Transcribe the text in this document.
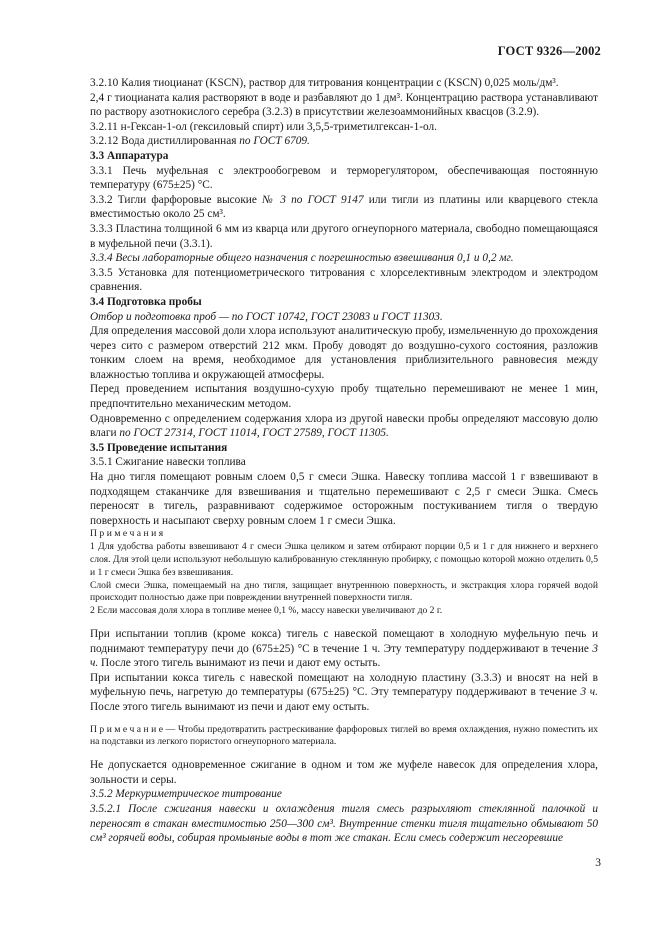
ГОСТ 9326—2002

3.2.10 Калия тиоцианат (KSCN), раствор для титрования концентрации c (KSCN) 0,025 моль/дм³.

2,4 г тиоцианата калия растворяют в воде и разбавляют до 1 дм³. Концентрацию раствора устанавливают по раствору азотнокислого серебра (3.2.3) в присутствии железоаммонийных квасцов (3.2.9).

3.2.11 н-Гексан-1-ол (гексиловый спирт) или 3,5,5-триметилгексан-1-ол.

3.2.12 Вода дистиллированная по ГОСТ 6709.

3.3 Аппаратура

3.3.1 Печь муфельная с электрообогревом и терморегулятором, обеспечивающая постоянную температуру (675±25) °С.

3.3.2 Тигли фарфоровые высокие № 3 по ГОСТ 9147 или тигли из платины или кварцевого стекла вместимостью около 25 см³.

3.3.3 Пластина толщиной 6 мм из кварца или другого огнеупорного материала, свободно помещающаяся в муфельной печи (3.3.1).

3.3.4 Весы лабораторные общего назначения с погрешностью взвешивания 0,1 и 0,2 мг.

3.3.5 Установка для потенциометрического титрования с хлорселективным электродом и электродом сравнения.

3.4 Подготовка пробы

Отбор и подготовка проб — по ГОСТ 10742, ГОСТ 23083 и ГОСТ 11303.

Для определения массовой доли хлора используют аналитическую пробу, измельченную до прохождения через сито с размером отверстий 212 мкм. Пробу доводят до воздушно-сухого состояния, разложив тонким слоем на время, необходимое для установления приблизительного равновесия между влажностью топлива и окружающей атмосферы.

Перед проведением испытания воздушно-сухую пробу тщательно перемешивают не менее 1 мин, предпочтительно механическим методом.

Одновременно с определением содержания хлора из другой навески пробы определяют массовую долю влаги по ГОСТ 27314, ГОСТ 11014, ГОСТ 27589, ГОСТ 11305.

3.5 Проведение испытания

3.5.1 Сжигание навески топлива

На дно тигля помещают ровным слоем 0,5 г смеси Эшка. Навеску топлива массой 1 г взвешивают в подходящем стаканчике для взвешивания и тщательно перемешивают с 2,5 г смеси Эшка. Смесь переносят в тигель, разравнивают содержимое осторожным постукиванием тигля о твердую поверхность и насыпают сверху ровным слоем 1 г смеси Эшка.

Примечания

1 Для удобства работы взвешивают 4 г смеси Эшка целиком и затем отбирают порции 0,5 и 1 г для нижнего и верхнего слоя. Для этой цели используют небольшую калиброванную стеклянную пробирку, с помощью которой можно отделить 0,5 и 1 г смеси Эшка без взвешивания.

Слой смеси Эшка, помещаемый на дно тигля, защищает внутреннюю поверхность, и экстракция хлора горячей водой происходит полностью даже при повреждении внутренней поверхности тигля.

2 Если массовая доля хлора в топливе менее 0,1 %, массу навески увеличивают до 2 г.

При испытании топлив (кроме кокса) тигель с навеской помещают в холодную муфельную печь и поднимают температуру печи до (675±25) °С в течение 1 ч. Эту температуру поддерживают в течение 3 ч. После этого тигель вынимают из печи и дают ему остыть.

При испытании кокса тигель с навеской помещают на холодную пластину (3.3.3) и вносят на ней в муфельную печь, нагретую до температуры (675±25) °С. Эту температуру поддерживают в течение 3 ч. После этого тигель вынимают из печи и дают ему остыть.

Примечание— Чтобы предотвратить растрескивание фарфоровых тиглей во время охлаждения, нужно поместить их на подставки из легкого пористого огнеупорного материала.

Не допускается одновременное сжигание в одном и том же муфеле навесок для определения хлора, зольности и серы.

3.5.2 Меркуриметрическое титрование

3.5.2.1 После сжигания навески и охлаждения тигля смесь разрыхляют стеклянной палочкой и переносят в стакан вместимостью 250—300 см³. Внутренние стенки тигля тщательно обмывают 50 см³ горячей воды, собирая промывные воды в тот же стакан. Если смесь содержит несгоревшие

3
